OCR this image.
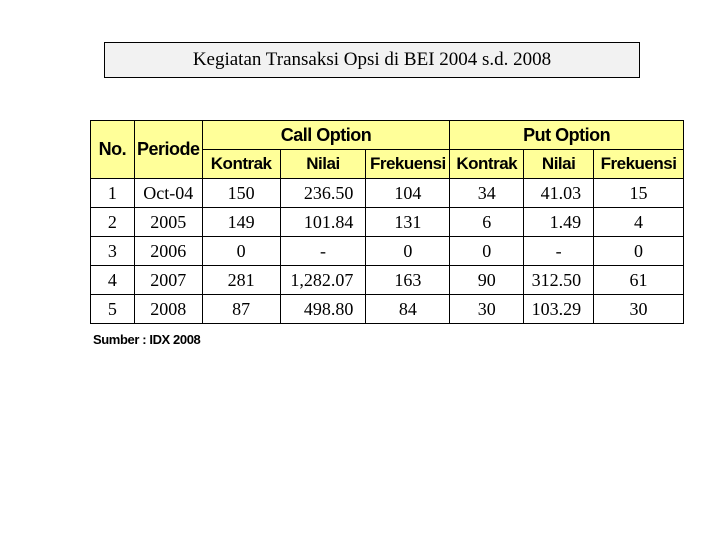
Kegiatan Transaksi Opsi di BEI 2004 s.d. 2008
No.	Periode	Call Option			Put Option		
		Kontrak	Nilai	Frekuensi	Kontrak	Nilai	Frekuensi
1	Oct-04	150	236.50	104	34	41.03	15
2	2005	149	101.84	131	6	1.49	4
3	2006	0	-	0	0	-	0
4	2007	281	1,282.07	163	90	312.50	61
5	2008	87	498.80	84	30	103.29	30
Sumber : IDX 2008
